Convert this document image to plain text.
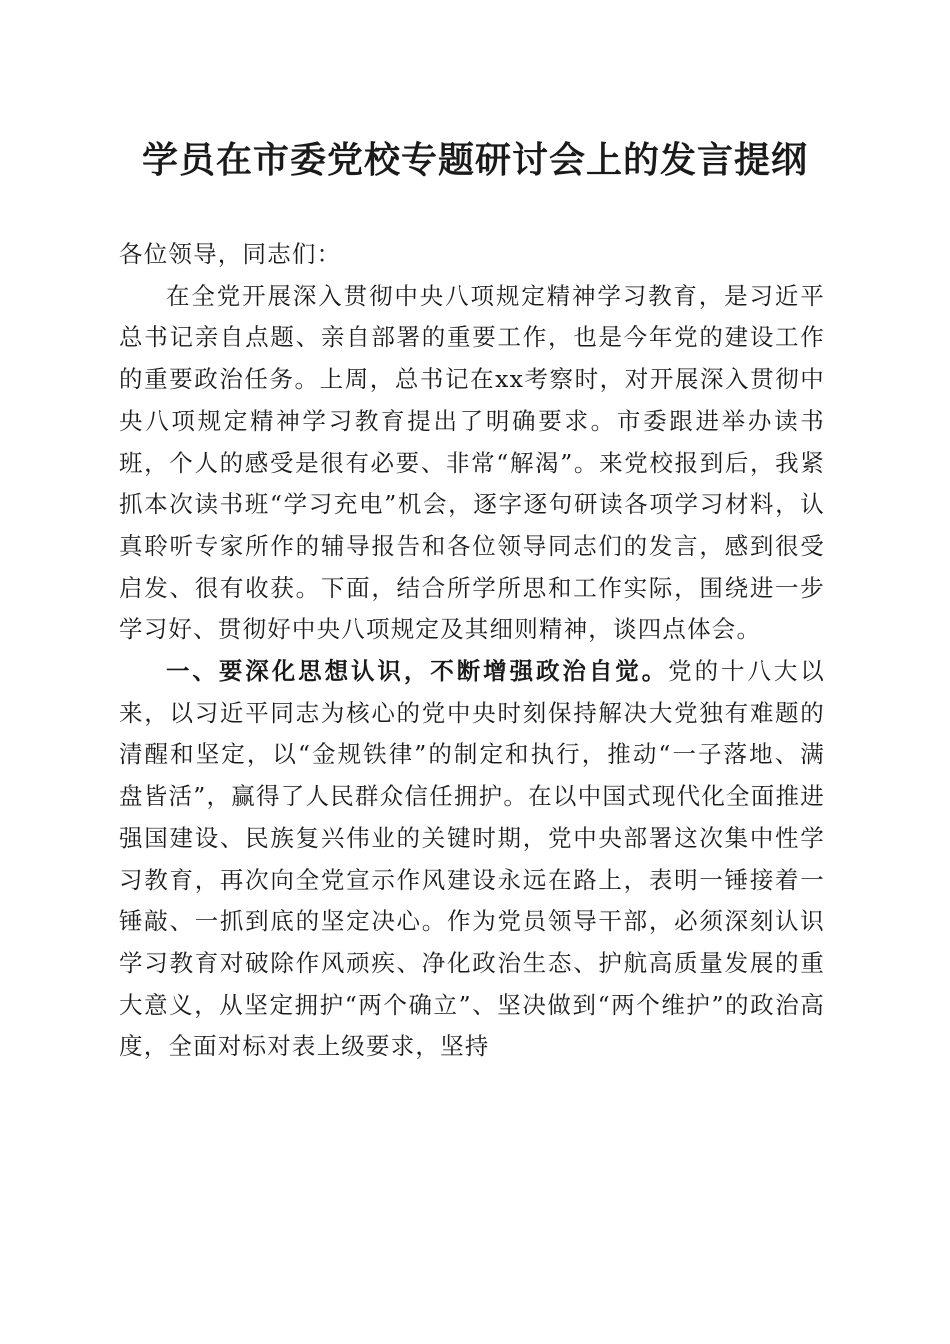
学员在市委党校专题研讨会上的发言提纲

各位领导，同志们：

在全党开展深入贯彻中央八项规定精神学习教育，是习近平总书记亲自点题、亲自部署的重要工作，也是今年党的建设工作的重要政治任务。上周，总书记在xx考察时，对开展深入贯彻中央八项规定精神学习教育提出了明确要求。市委跟进举办读书班，个人的感受是很有必要、非常“解渴”。来党校报到后，我紧抓本次读书班“学习充电”机会，逐字逐句研读各项学习材料，认真聆听专家所作的辅导报告和各位领导同志们的发言，感到很受启发、很有收获。下面，结合所学所思和工作实际，围绕进一步学习好、贯彻好中央八项规定及其细则精神，谈四点体会。

一、要深化思想认识，不断增强政治自觉。党的十八大以来，以习近平同志为核心的党中央时刻保持解决大党独有难题的清醒和坚定，以“金规铁律”的制定和执行，推动“一子落地、满盘皆活”，赢得了人民群众信任拥护。在以中国式现代化全面推进强国建设、民族复兴伟业的关键时期，党中央部署这次集中性学习教育，再次向全党宣示作风建设永远在路上，表明一锤接着一锤敲、一抓到底的坚定决心。作为党员领导干部，必须深刻认识学习教育对破除作风顽疾、净化政治生态、护航高质量发展的重大意义，从坚定拥护“两个确立”、坚决做到“两个维护”的政治高度，全面对标对表上级要求，坚持
